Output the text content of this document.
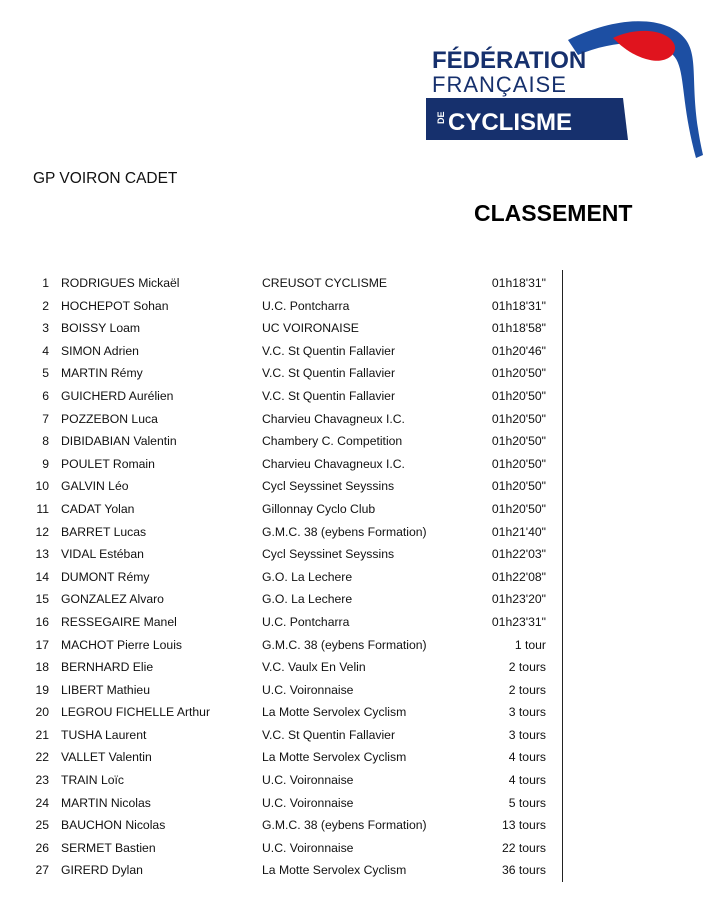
FÉDÉRATION
FRANÇAISE
DE CYCLISME
GP VOIRON CADET
CLASSEMENT
1 RODRIGUES Mickaël	CREUSOT CYCLISME	01h18'31"
2 HOCHEPOT Sohan	U.C. Pontcharra	01h18'31"
3 BOISSY Loam	UC VOIRONAISE	01h18'58"
4 SIMON Adrien	V.C. St Quentin Fallavier	01h20'46"
5 MARTIN Rémy	V.C. St Quentin Fallavier	01h20'50"
6 GUICHERD Aurélien	V.C. St Quentin Fallavier	01h20'50"
7 POZZEBON Luca	Charvieu Chavagneux I.C.	01h20'50"
8 DIBIDABIAN Valentin	Chambery C. Competition	01h20'50"
9 POULET Romain	Charvieu Chavagneux I.C.	01h20'50"
10 GALVIN Léo	Cycl Seyssinet Seyssins	01h20'50"
11 CADAT Yolan	Gillonnay Cyclo Club	01h20'50"
12 BARRET Lucas	G.M.C. 38 (eybens Formation)	01h21'40"
13 VIDAL Estéban	Cycl Seyssinet Seyssins	01h22'03"
14 DUMONT Rémy	G.O. La Lechere	01h22'08"
15 GONZALEZ Alvaro	G.O. La Lechere	01h23'20"
16 RESSEGAIRE Manel	U.C. Pontcharra	01h23'31"
17 MACHOT Pierre Louis	G.M.C. 38 (eybens Formation)	1 tour
18 BERNHARD Elie	V.C. Vaulx En Velin	2 tours
19 LIBERT Mathieu	U.C. Voironnaise	2 tours
20 LEGROU FICHELLE Arthur	La Motte Servolex Cyclism	3 tours
21 TUSHA Laurent	V.C. St Quentin Fallavier	3 tours
22 VALLET Valentin	La Motte Servolex Cyclism	4 tours
23 TRAIN Loïc	U.C. Voironnaise	4 tours
24 MARTIN Nicolas	U.C. Voironnaise	5 tours
25 BAUCHON Nicolas	G.M.C. 38 (eybens Formation)	13 tours
26 SERMET Bastien	U.C. Voironnaise	22 tours
27 GIRERD Dylan	La Motte Servolex Cyclism	36 tours
